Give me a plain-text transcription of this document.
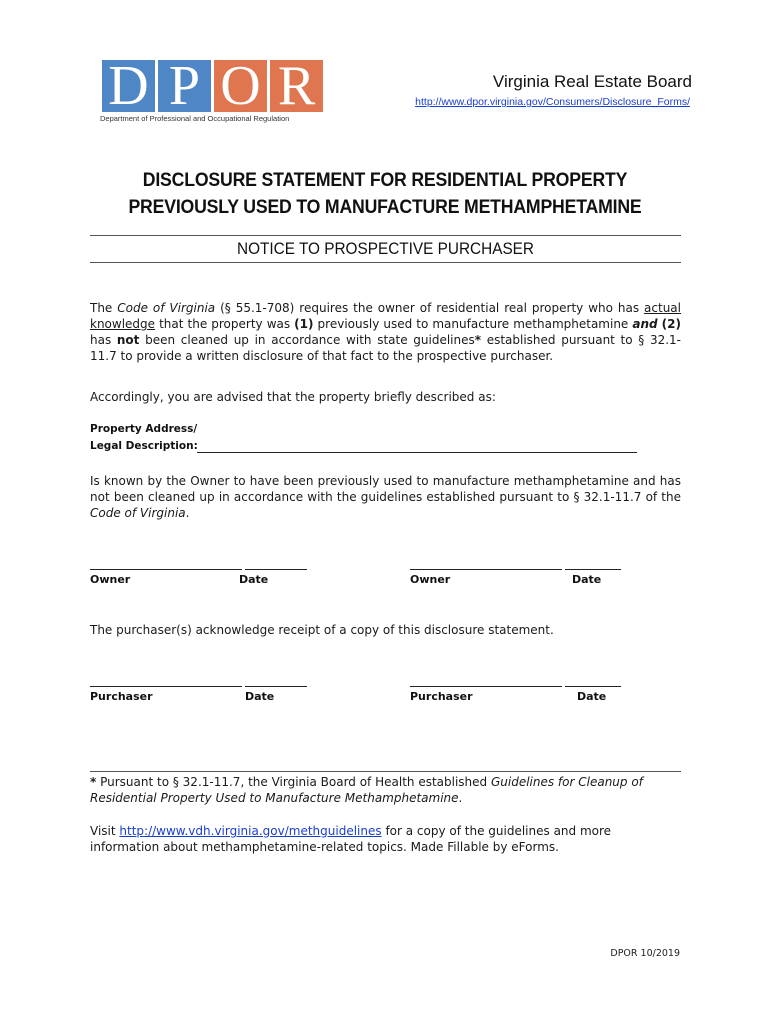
D P O R
Department of Professional and Occupational Regulation
Virginia Real Estate Board
http://www.dpor.virginia.gov/Consumers/Disclosure_Forms/
DISCLOSURE STATEMENT FOR RESIDENTIAL PROPERTY
PREVIOUSLY USED TO MANUFACTURE METHAMPHETAMINE
NOTICE TO PROSPECTIVE PURCHASER
The Code of Virginia (§ 55.1-708) requires the owner of residential real property who has actual knowledge that the property was (1) previously used to manufacture methamphetamine and (2) has not been cleaned up in accordance with state guidelines* established pursuant to § 32.1-11.7 to provide a written disclosure of that fact to the prospective purchaser.
Accordingly, you are advised that the property briefly described as:
Property Address/
Legal Description:
Is known by the Owner to have been previously used to manufacture methamphetamine and has not been cleaned up in accordance with the guidelines established pursuant to § 32.1-11.7 of the Code of Virginia.
Owner	Date	Owner	Date
The purchaser(s) acknowledge receipt of a copy of this disclosure statement.
Purchaser	Date	Purchaser	Date
* Pursuant to § 32.1-11.7, the Virginia Board of Health established Guidelines for Cleanup of Residential Property Used to Manufacture Methamphetamine.
Visit http://www.vdh.virginia.gov/methguidelines for a copy of the guidelines and more information about methamphetamine-related topics. Made Fillable by eForms.
DPOR 10/2019
